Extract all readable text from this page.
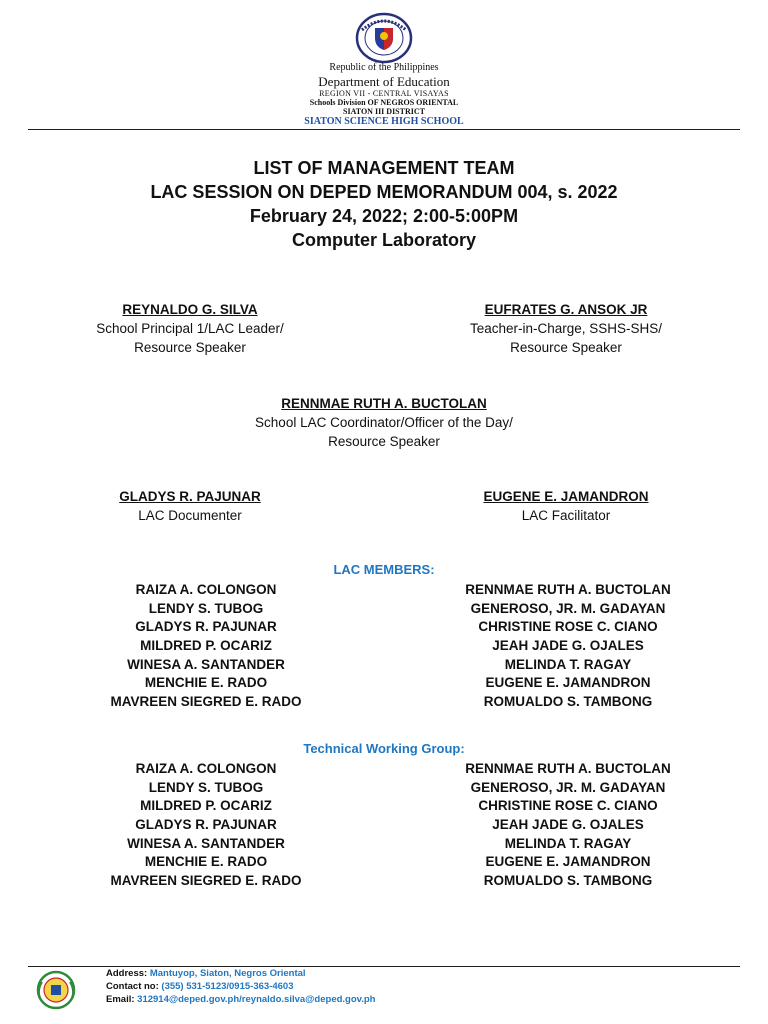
Republic of the Philippines
Department of Education
REGION VII - CENTRAL VISAYAS
Schools Division OF NEGROS ORIENTAL
SIATON III DISTRICT
SIATON SCIENCE HIGH SCHOOL
LIST OF MANAGEMENT TEAM
LAC SESSION ON DEPED MEMORANDUM 004, s. 2022
February 24, 2022; 2:00-5:00PM
Computer Laboratory
REYNALDO G. SILVA
School Principal 1/LAC Leader/
Resource Speaker
EUFRATES G. ANSOK JR
Teacher-in-Charge, SSHS-SHS/
Resource Speaker
RENNMAE RUTH A. BUCTOLAN
School LAC Coordinator/Officer of the Day/
Resource Speaker
GLADYS R. PAJUNAR
LAC Documenter
EUGENE E. JAMANDRON
LAC Facilitator
LAC MEMBERS:
RAIZA A. COLONGON
LENDY S. TUBOG
GLADYS R. PAJUNAR
MILDRED P. OCARIZ
WINESA A. SANTANDER
MENCHIE E. RADO
MAVREEN SIEGRED E. RADO
RENNMAE RUTH A. BUCTOLAN
GENEROSO, JR. M. GADAYAN
CHRISTINE ROSE C. CIANO
JEAH JADE G. OJALES
MELINDA T. RAGAY
EUGENE E. JAMANDRON
ROMUALDO S. TAMBONG
Technical Working Group:
RAIZA A. COLONGON
LENDY S. TUBOG
MILDRED P. OCARIZ
GLADYS R. PAJUNAR
WINESA A. SANTANDER
MENCHIE E. RADO
MAVREEN SIEGRED E. RADO
RENNMAE RUTH A. BUCTOLAN
GENEROSO, JR. M. GADAYAN
CHRISTINE ROSE C. CIANO
JEAH JADE G. OJALES
MELINDA T. RAGAY
EUGENE E. JAMANDRON
ROMUALDO S. TAMBONG
Address: Mantuyop, Siaton, Negros Oriental
Contact no: (355) 531-5123/0915-363-4603
Email: 312914@deped.gov.ph/reynaldo.silva@deped.gov.ph
